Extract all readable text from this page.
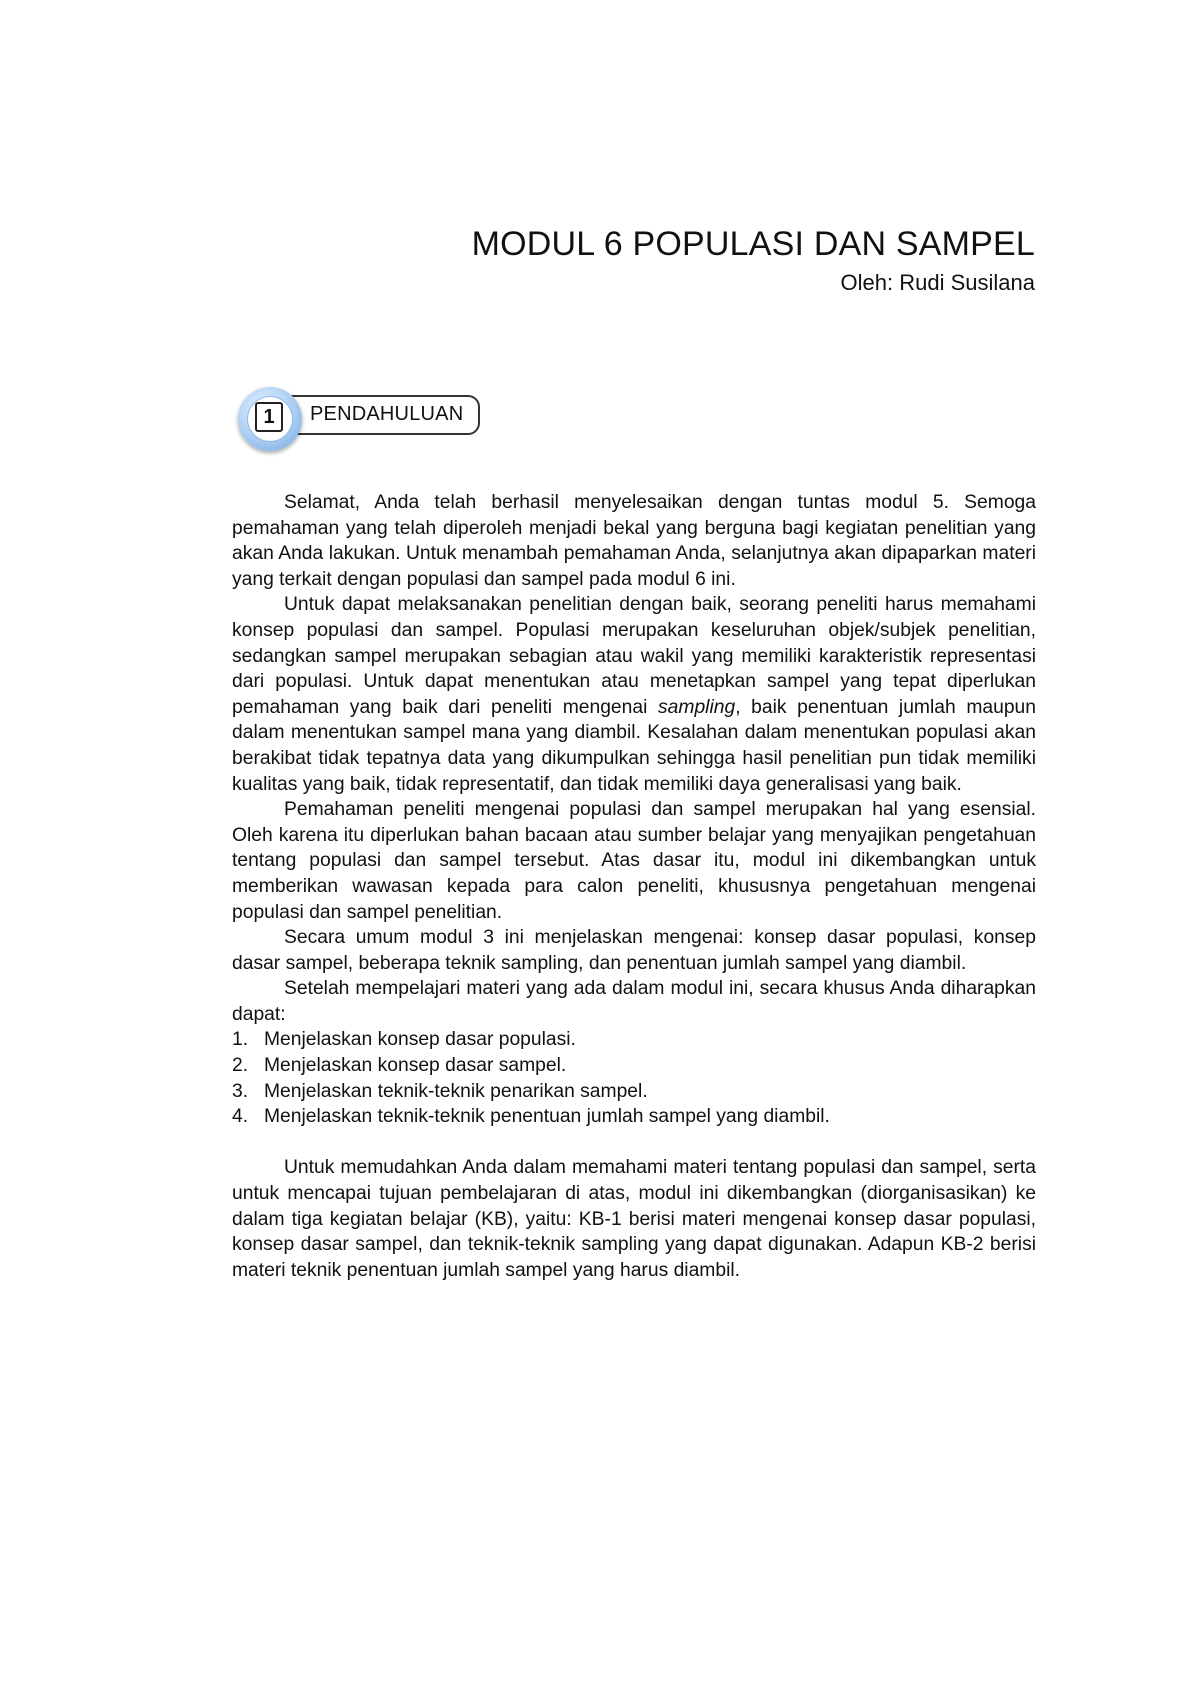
MODUL 6 POPULASI DAN SAMPEL
Oleh: Rudi Susilana
PENDAHULUAN
1

Selamat, Anda telah berhasil menyelesaikan dengan tuntas modul 5. Semoga pemahaman yang telah diperoleh menjadi bekal yang berguna bagi kegiatan penelitian yang akan Anda lakukan. Untuk menambah pemahaman Anda, selanjutnya akan dipaparkan materi yang terkait dengan populasi dan sampel pada modul 6 ini.

Untuk dapat melaksanakan penelitian dengan baik, seorang peneliti harus memahami konsep populasi dan sampel. Populasi merupakan keseluruhan objek/subjek penelitian, sedangkan sampel merupakan sebagian atau wakil yang memiliki karakteristik representasi dari populasi. Untuk dapat menentukan atau menetapkan sampel yang tepat diperlukan pemahaman yang baik dari peneliti mengenai sampling, baik penentuan jumlah maupun dalam menentukan sampel mana yang diambil. Kesalahan dalam menentukan populasi akan berakibat tidak tepatnya data yang dikumpulkan sehingga hasil penelitian pun tidak memiliki kualitas yang baik, tidak representatif, dan tidak memiliki daya generalisasi yang baik.

Pemahaman peneliti mengenai populasi dan sampel merupakan hal yang esensial. Oleh karena itu diperlukan bahan bacaan atau sumber belajar yang menyajikan pengetahuan tentang populasi dan sampel tersebut. Atas dasar itu, modul ini dikembangkan untuk memberikan wawasan kepada para calon peneliti, khususnya pengetahuan mengenai populasi dan sampel penelitian.

Secara umum modul 3 ini menjelaskan mengenai: konsep dasar populasi, konsep dasar sampel, beberapa teknik sampling, dan penentuan jumlah sampel yang diambil.

Setelah mempelajari materi yang ada dalam modul ini, secara khusus Anda diharapkan dapat:

1. Menjelaskan konsep dasar populasi.
2. Menjelaskan konsep dasar sampel.
3. Menjelaskan teknik-teknik penarikan sampel.
4. Menjelaskan teknik-teknik penentuan jumlah sampel yang diambil.

Untuk memudahkan Anda dalam memahami materi tentang populasi dan sampel, serta untuk mencapai tujuan pembelajaran di atas, modul ini dikembangkan (diorganisasikan) ke dalam tiga kegiatan belajar (KB), yaitu: KB-1 berisi materi mengenai konsep dasar populasi, konsep dasar sampel, dan teknik-teknik sampling yang dapat digunakan. Adapun KB-2 berisi materi teknik penentuan jumlah sampel yang harus diambil.
